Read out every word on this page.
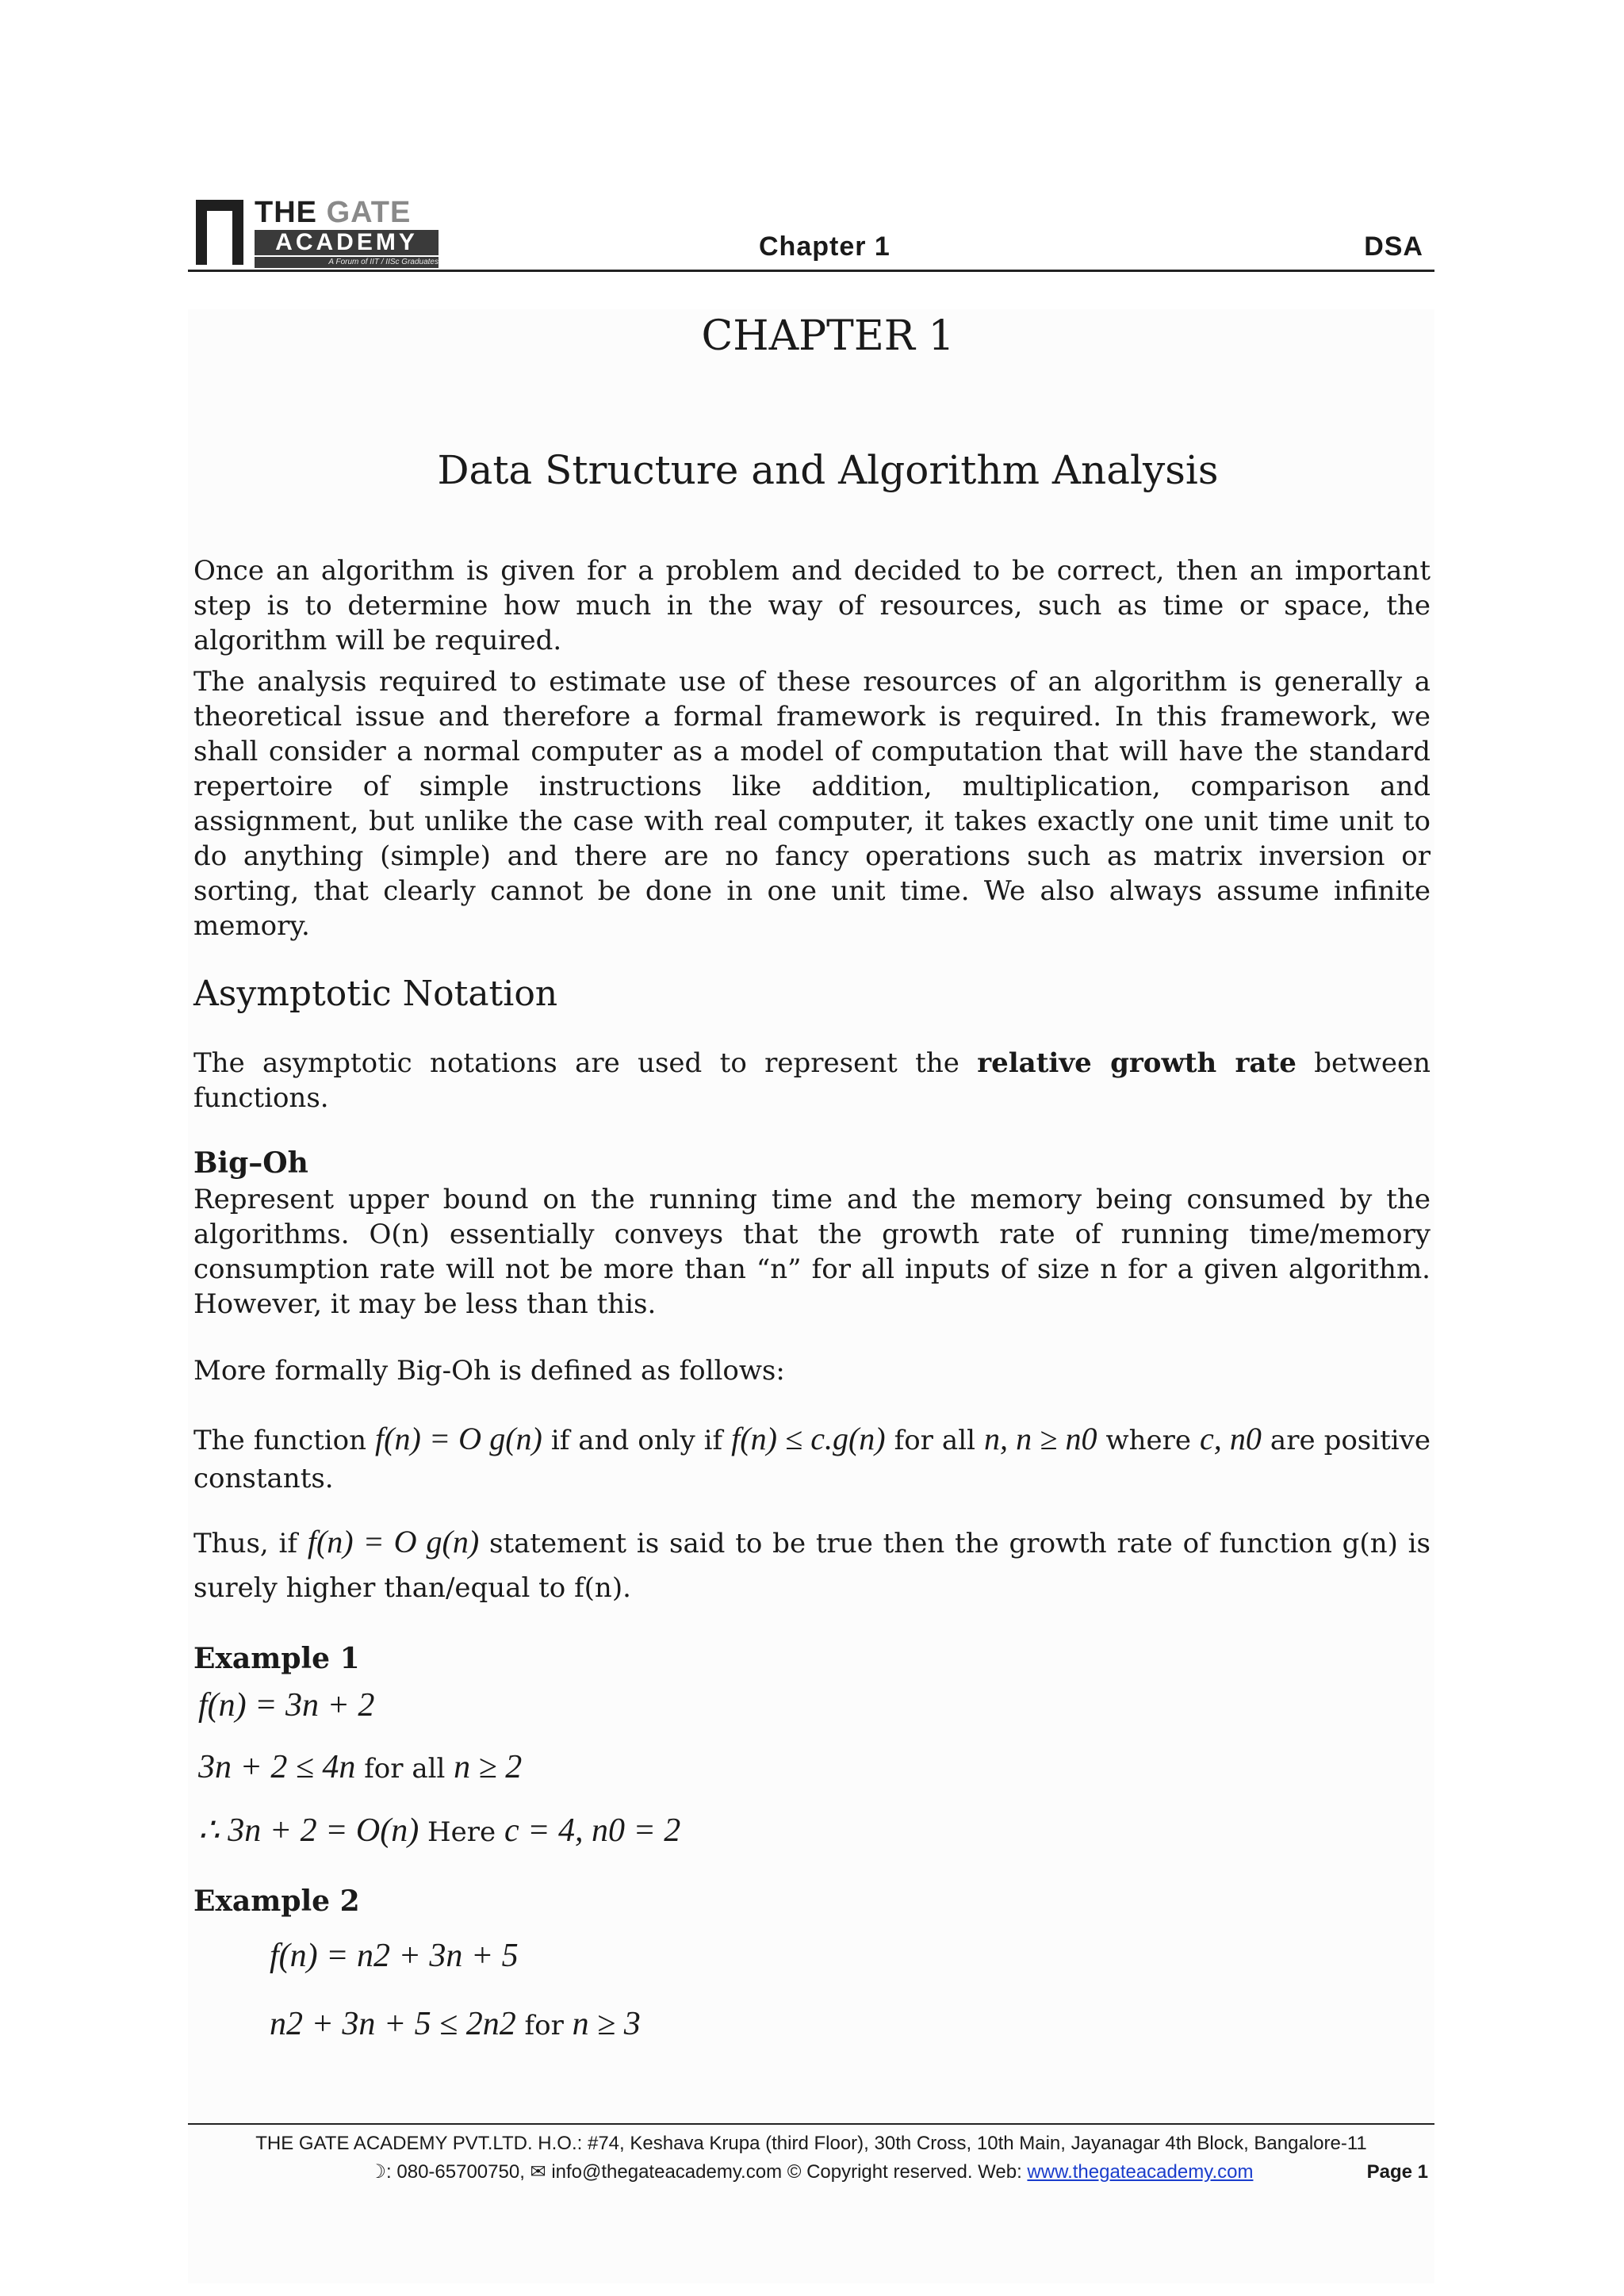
THE GATE
ACADEMY
A Forum of IIT / IISc Graduates
Chapter 1	DSA
CHAPTER 1
Data Structure and Algorithm Analysis

Once an algorithm is given for a problem and decided to be correct, then an important step is to determine how much in the way of resources, such as time or space, the algorithm will be required.

The analysis required to estimate use of these resources of an algorithm is generally a theoretical issue and therefore a formal framework is required. In this framework, we shall consider a normal computer as a model of computation that will have the standard repertoire of simple instructions like addition, multiplication, comparison and assignment, but unlike the case with real computer, it takes exactly one unit time unit to do anything (simple) and there are no fancy operations such as matrix inversion or sorting, that clearly cannot be done in one unit time. We also always assume infinite memory.

Asymptotic Notation

The asymptotic notations are used to represent the relative growth rate between functions.

Big–Oh

Represent upper bound on the running time and the memory being consumed by the algorithms. O(n) essentially conveys that the growth rate of running time/memory consumption rate will not be more than “n” for all inputs of size n for a given algorithm. However, it may be less than this.

More formally Big-Oh is defined as follows:

The function f(n) = O g(n) if and only if f(n) ≤ c.g(n) for all n, n ≥ n0 where c, n0 are positive constants.

Thus, if f(n) = O g(n) statement is said to be true then the growth rate of function g(n) is surely higher than/equal to f(n).

Example 1
f(n) = 3n + 2
3n + 2 ≤ 4n for all n ≥ 2
∴ 3n + 2 = O(n) Here c = 4, n0 = 2
Example 2
f(n) = n2 + 3n + 5
n2 + 3n + 5 ≤ 2n2 for n ≥ 3
THE GATE ACADEMY PVT.LTD. H.O.: #74, Keshava Krupa (third Floor), 30th Cross, 10th Main, Jayanagar 4th Block, Bangalore-11
☽: 080-65700750, ✉ info@thegateacademy.com © Copyright reserved. Web: www.thegateacademy.com	Page 1
